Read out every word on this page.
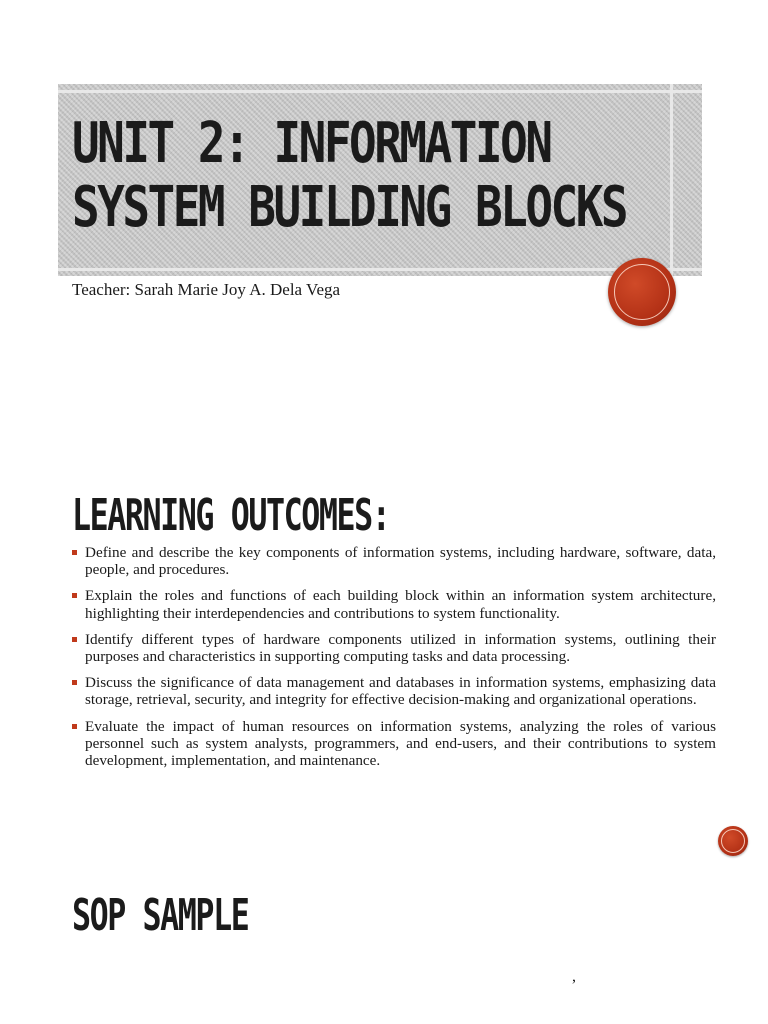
UNIT 2: INFORMATION
SYSTEM BUILDING BLOCKS
Teacher: Sarah Marie Joy A. Dela Vega
LEARNING OUTCOMES:
Define and describe the key components of information systems, including hardware, software, data, people, and procedures.
Explain the roles and functions of each building block within an information system architecture, highlighting their interdependencies and contributions to system functionality.
Identify different types of hardware components utilized in information systems, outlining their purposes and characteristics in supporting computing tasks and data processing.
Discuss the significance of data management and databases in information systems, emphasizing data storage, retrieval, security, and integrity for effective decision-making and organizational operations.
Evaluate the impact of human resources on information systems, analyzing the roles of various personnel such as system analysts, programmers, and end-users, and their contributions to system development, implementation, and maintenance.
SOP SAMPLE
,
